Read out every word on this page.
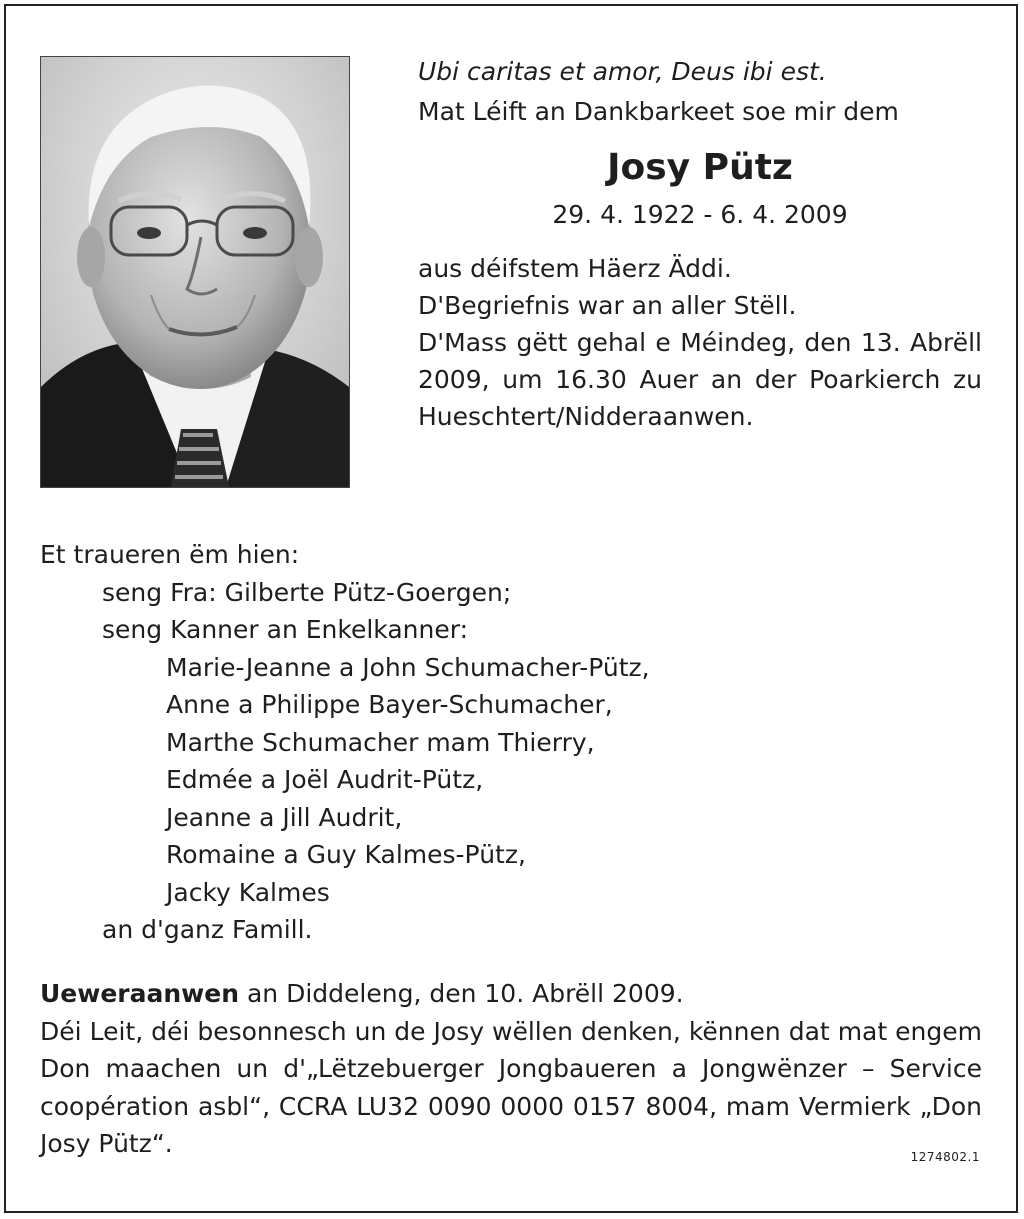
Ubi caritas et amor, Deus ibi est.

Mat Léift an Dankbarkeet soe mir dem

Josy Pütz

29. 4. 1922 - 6. 4. 2009

aus déifstem Häerz Äddi.

D'Begriefnis war an aller Stëll.

D'Mass gëtt gehal e Méindeg, den 13. Abrëll 2009, um 16.30 Auer an der Poarkierch zu Hueschtert/Nidderaanwen.

Et traueren ëm hien:

seng Fra: Gilberte Pütz-Goergen;

seng Kanner an Enkelkanner:

Marie-Jeanne a John Schumacher-Pütz,

Anne a Philippe Bayer-Schumacher,

Marthe Schumacher mam Thierry,

Edmée a Joël Audrit-Pütz,

Jeanne a Jill Audrit,

Romaine a Guy Kalmes-Pütz,

Jacky Kalmes

an d'ganz Famill.

Ueweraanwen an Diddeleng, den 10. Abrëll 2009.

Déi Leit, déi besonnesch un de Josy wëllen denken, kënnen dat mat engem Don maachen un d'„Lëtzebuerger Jongbaueren a Jongwënzer – Service coopération asbl“, CCRA LU32 0090 0000 0157 8004, mam Vermierk „Don Josy Pütz“.	1274802.1
